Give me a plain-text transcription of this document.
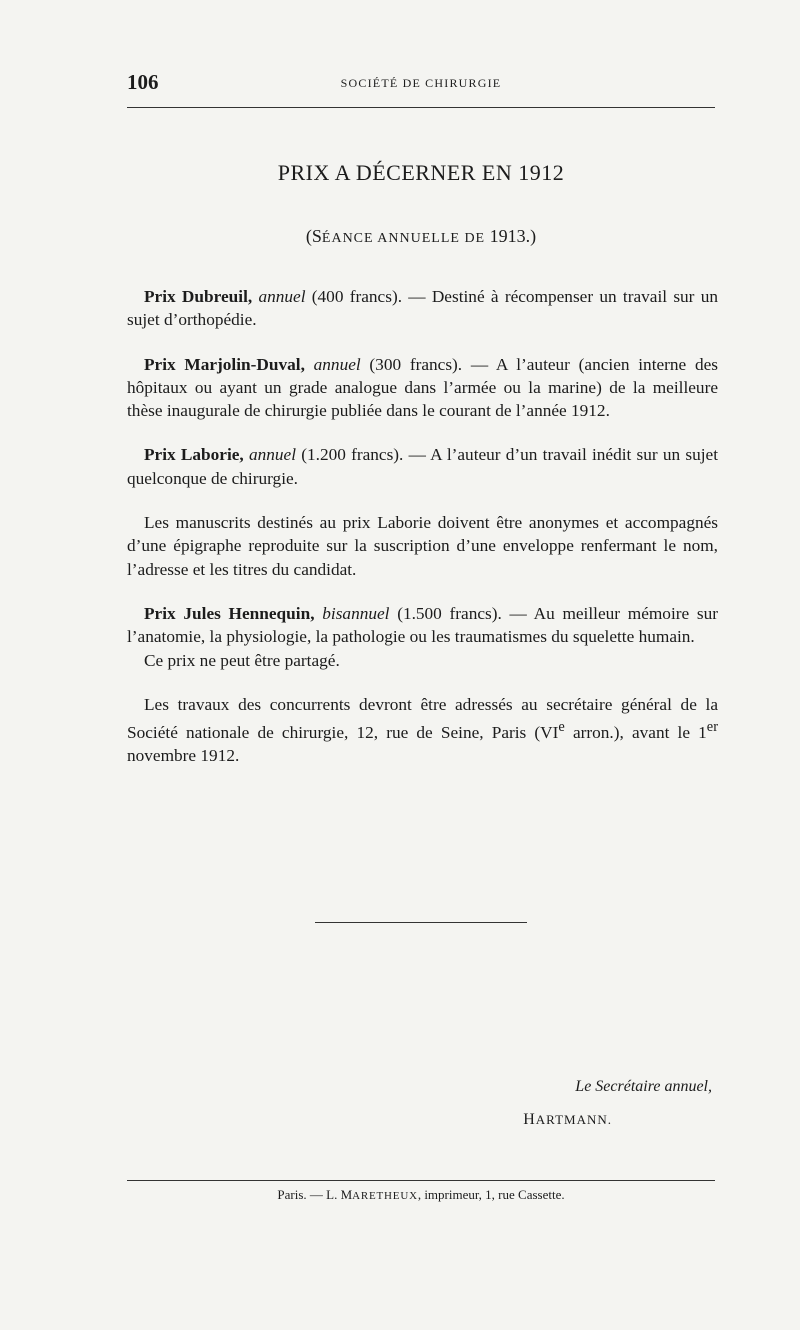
106	SOCIÉTÉ DE CHIRURGIE
PRIX A DÉCERNER EN 1912
(SÉANCE ANNUELLE DE 1913.)

Prix Dubreuil, annuel (400 francs). — Destiné à récompenser un travail sur un sujet d’orthopédie.

Prix Marjolin-Duval, annuel (300 francs). — A l’auteur (ancien interne des hôpitaux ou ayant un grade analogue dans l’armée ou la marine) de la meilleure thèse inaugurale de chirurgie publiée dans le courant de l’année 1912.

Prix Laborie, annuel (1.200 francs). — A l’auteur d’un travail inédit sur un sujet quelconque de chirurgie.

Les manuscrits destinés au prix Laborie doivent être anonymes et accompagnés d’une épigraphe reproduite sur la suscription d’une enveloppe renfermant le nom, l’adresse et les titres du candidat.

Prix Jules Hennequin, bisannuel (1.500 francs). — Au meilleur mémoire sur l’anatomie, la physiologie, la pathologie ou les traumatismes du squelette humain.

Ce prix ne peut être partagé.

Les travaux des concurrents devront être adressés au secrétaire général de la Société nationale de chirurgie, 12, rue de Seine, Paris (VIe arron.), avant le 1er novembre 1912.

Le Secrétaire annuel,
HARTMANN.
Paris. — L. MARETHEUX, imprimeur, 1, rue Cassette.
